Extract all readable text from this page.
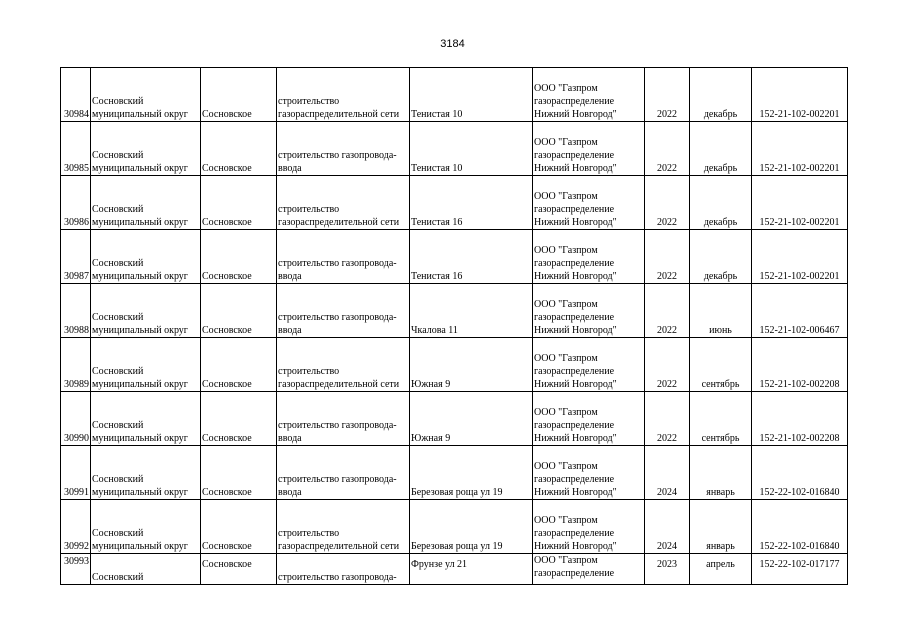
3184
30984	Сосновский
муниципальный округ	Сосновское	строительство
газораспределительной сети	Тенистая 10	ООО "Газпром
газораспределение
Нижний Новгород"	2022	декабрь	152-21-102-002201
30985	Сосновский
муниципальный округ	Сосновское	строительство газопровода-
ввода	Тенистая 10	ООО "Газпром
газораспределение
Нижний Новгород"	2022	декабрь	152-21-102-002201
30986	Сосновский
муниципальный округ	Сосновское	строительство
газораспределительной сети	Тенистая 16	ООО "Газпром
газораспределение
Нижний Новгород"	2022	декабрь	152-21-102-002201
30987	Сосновский
муниципальный округ	Сосновское	строительство газопровода-
ввода	Тенистая 16	ООО "Газпром
газораспределение
Нижний Новгород"	2022	декабрь	152-21-102-002201
30988	Сосновский
муниципальный округ	Сосновское	строительство газопровода-
ввода	Чкалова 11	ООО "Газпром
газораспределение
Нижний Новгород"	2022	июнь	152-21-102-006467
30989	Сосновский
муниципальный округ	Сосновское	строительство
газораспределительной сети	Южная 9	ООО "Газпром
газораспределение
Нижний Новгород"	2022	сентябрь	152-21-102-002208
30990	Сосновский
муниципальный округ	Сосновское	строительство газопровода-
ввода	Южная 9	ООО "Газпром
газораспределение
Нижний Новгород"	2022	сентябрь	152-21-102-002208
30991	Сосновский
муниципальный округ	Сосновское	строительство газопровода-
ввода	Березовая роща ул 19	ООО "Газпром
газораспределение
Нижний Новгород"	2024	январь	152-22-102-016840
30992	Сосновский
муниципальный округ	Сосновское	строительство
газораспределительной сети	Березовая роща ул 19	ООО "Газпром
газораспределение
Нижний Новгород"	2024	январь	152-22-102-016840
30993	Сосновский	Сосновское	строительство газопровода-	Фрунзе ул 21	ООО "Газпром
газораспределение	2023	апрель	152-22-102-017177
